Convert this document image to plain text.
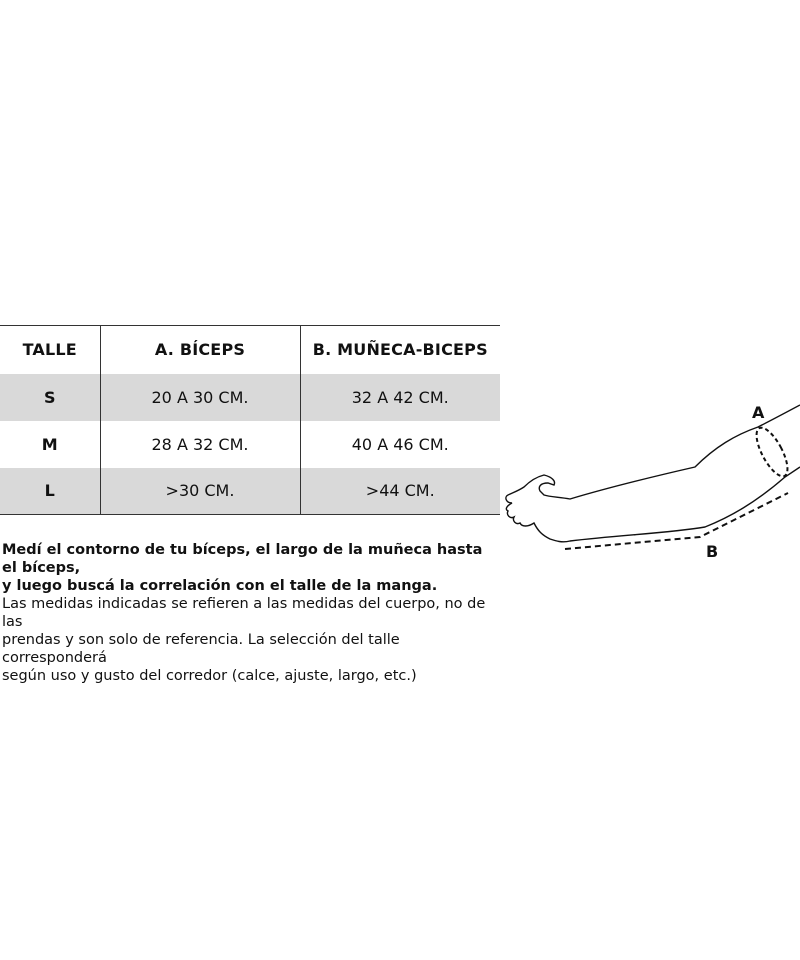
TALLE	A. BÍCEPS	B. MUÑECA-BICEPS
S	20 A 30 CM.	32 A 42 CM.
M	28 A 32 CM.	40 A 46 CM.
L	>30 CM.	>44 CM.

Medí el contorno de tu bíceps, el largo de la muñeca hasta el bíceps,

y luego buscá la correlación con el talle de la manga.

Las medidas indicadas se refieren a las medidas del cuerpo, no de las

prendas y son solo de referencia. La selección del talle corresponderá

según uso y gusto del corredor (calce, ajuste, largo, etc.)

A
B
